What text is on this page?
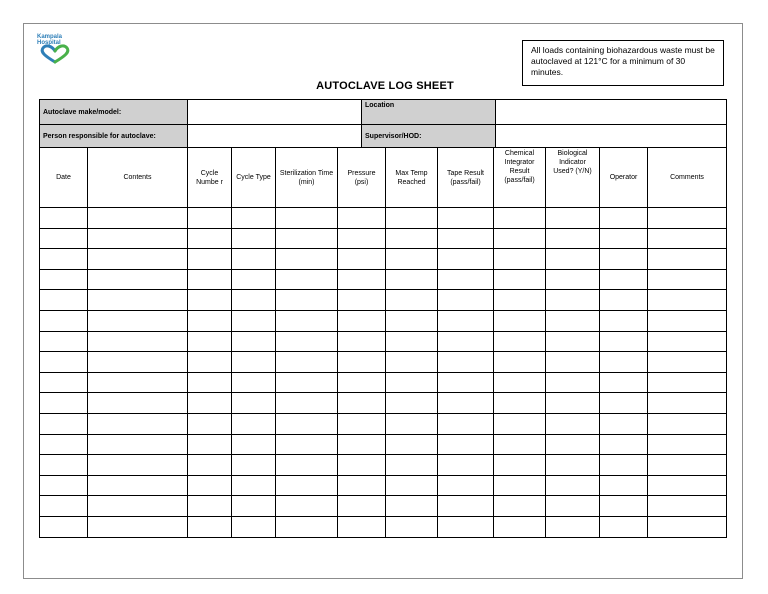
Kampala
Hospital
All loads containing biohazardous waste must be autoclaved at 121°C for a minimum of 30 minutes.
AUTOCLAVE LOG SHEET
Autoclave make/model:		Location	
Person responsible for autoclave:		Supervisor/HOD:	
Date	Contents	Cycle Numbe r	Cycle Type	Sterilization Time (min)	Pressure (psi)	Max Temp Reached	Tape Result (pass/fail)	Chemical Integrator Result (pass/fail)	Biological Indicator Used? (Y/N)	Operator	Comments
